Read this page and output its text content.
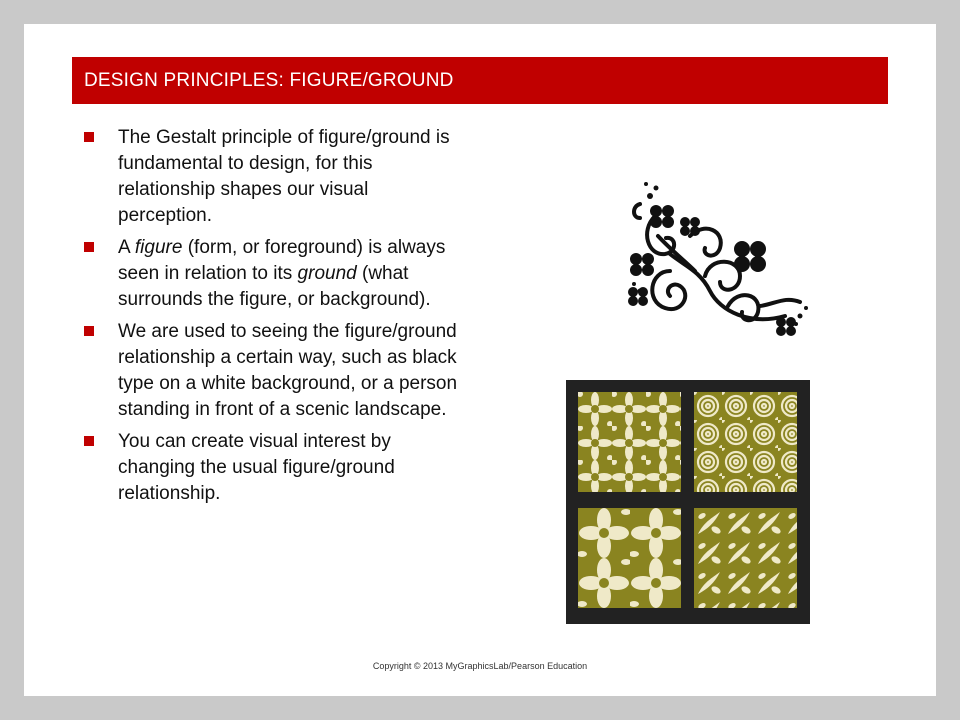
DESIGN PRINCIPLES: FIGURE/GROUND
The Gestalt principle of figure/ground is fundamental to design, for this relationship shapes our visual perception.
A figure (form, or foreground) is always seen in relation to its ground (what surrounds the figure, or background).
We are used to seeing the figure/ground relationship a certain way, such as black type on a white background, or a person standing in front of a scenic landscape.
You can create visual interest by changing the usual figure/ground relationship.
Copyright © 2013 MyGraphicsLab/Pearson Education
